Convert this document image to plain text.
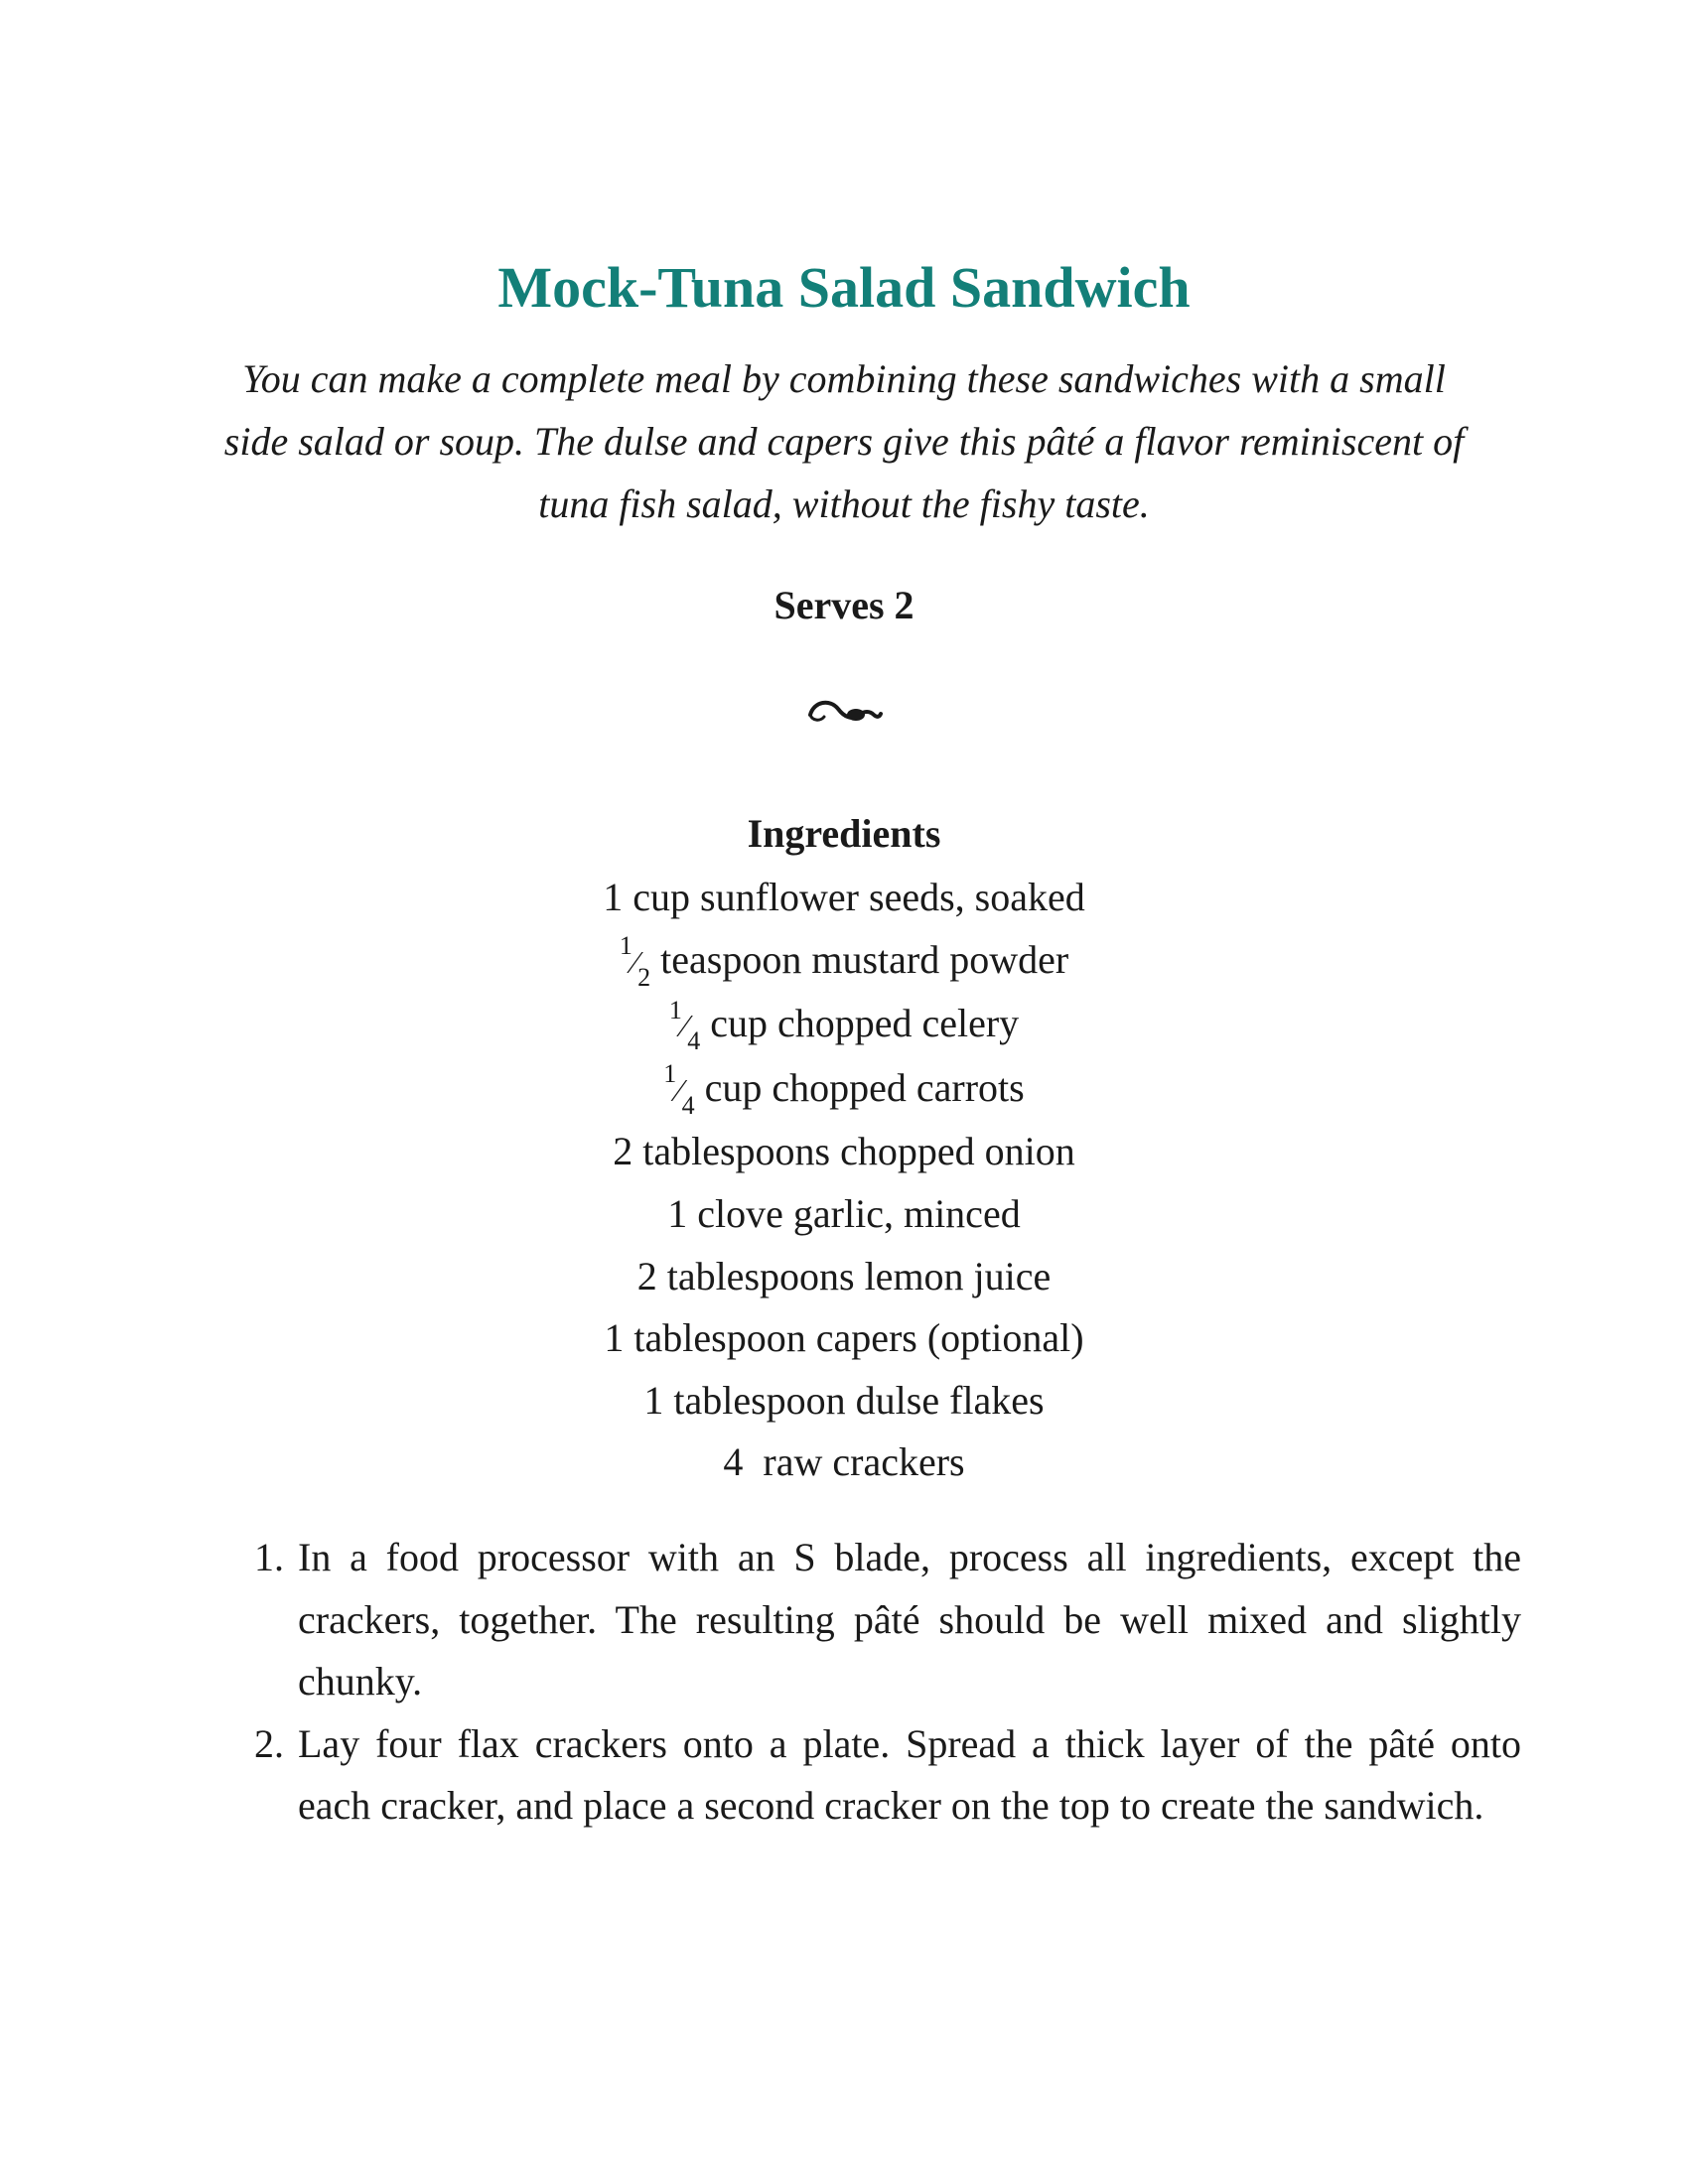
Mock-Tuna Salad Sandwich

You can make a complete meal by combining these sandwiches with a small side salad or soup. The dulse and capers give this pâté a flavor reminiscent of tuna fish salad, without the fishy taste.

Serves 2

Ingredients
1 cup sunflower seeds, soaked
$^1⁄_2$ teaspoon mustard powder
$^1⁄_4$ cup chopped celery
$^1⁄_4$ cup chopped carrots
2 tablespoons chopped onion
1 clove garlic, minced
2 tablespoons lemon juice
1 tablespoon capers (optional)
1 tablespoon dulse flakes
4  raw crackers
1. In a food processor with an S blade, process all ingredients, except the crackers, together. The resulting pâté should be well mixed and slightly chunky.
2. Lay four flax crackers onto a plate. Spread a thick layer of the pâté onto each cracker, and place a second cracker on the top to create the sandwich.
